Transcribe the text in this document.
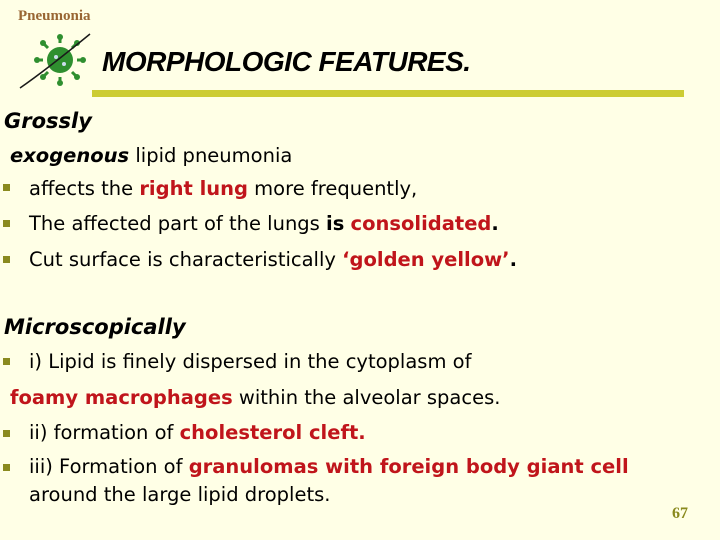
Pneumonia
MORPHOLOGIC FEATURES.
Grossly
exogenous lipid pneumonia
affects the right lung more frequently,
The affected part of the lungs is consolidated.
Cut surface is characteristically ‘golden yellow’.
Microscopically
i) Lipid is finely dispersed in the cytoplasm of
foamy macrophages within the alveolar spaces.
ii) formation of cholesterol cleft.
iii) Formation of granulomas with foreign body giant cell
around the large lipid droplets.
67
